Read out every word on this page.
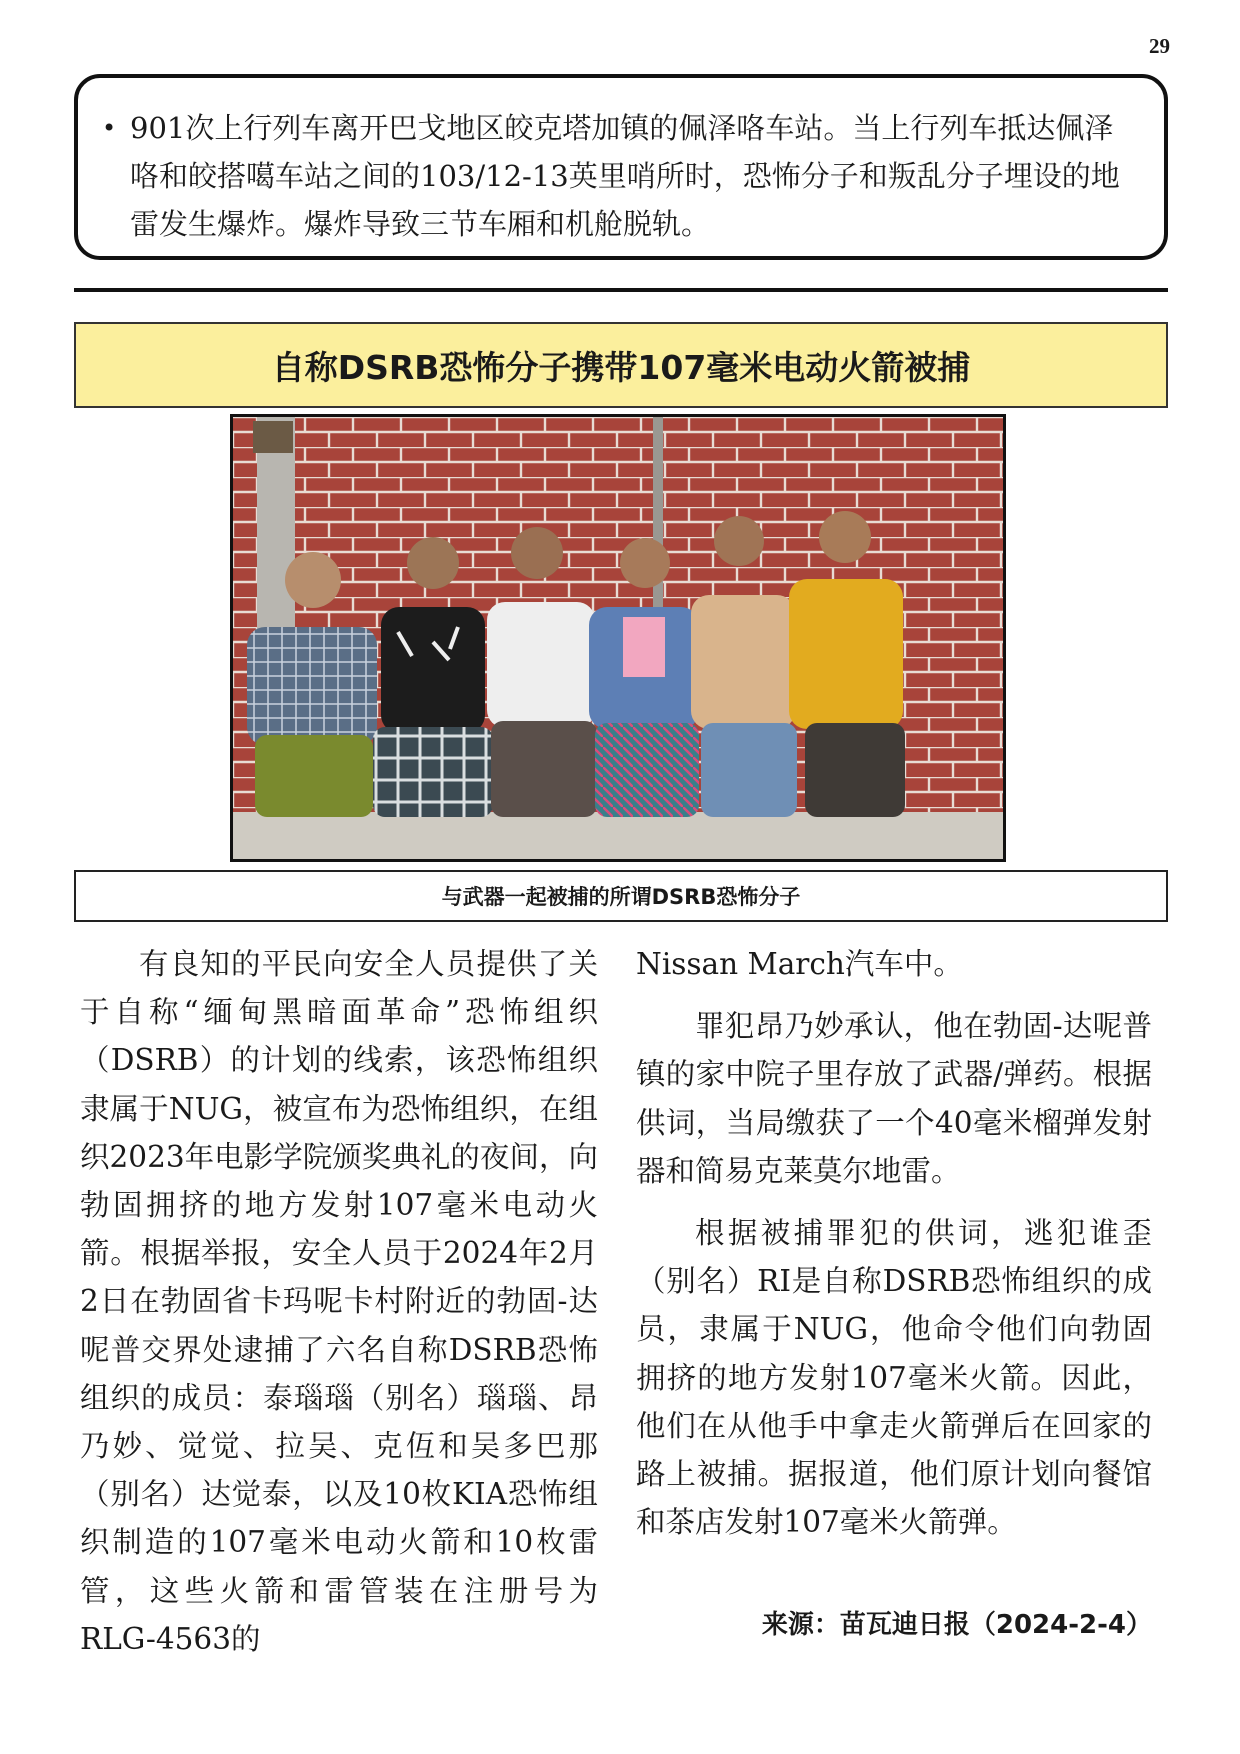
29
• 901次上行列车离开巴戈地区皎克塔加镇的佩泽咯车站。当上行列车抵达佩泽咯和皎搭噶车站之间的103/12-13英里哨所时，恐怖分子和叛乱分子埋设的地雷发生爆炸。爆炸导致三节车厢和机舱脱轨。
自称DSRB恐怖分子携带107毫米电动火箭被捕
与武器一起被捕的所谓DSRB恐怖分子

有良知的平民向安全人员提供了关于自称“缅甸黑暗面革命”恐怖组织（DSRB）的计划的线索，该恐怖组织隶属于NUG，被宣布为恐怖组织，在组织2023年电影学院颁奖典礼的夜间，向勃固拥挤的地方发射107毫米电动火箭。根据举报，安全人员于2024年2月2日在勃固省卡玛呢卡村附近的勃固-达呢普交界处逮捕了六名自称DSRB恐怖组织的成员：泰瑙瑙（别名）瑙瑙、昂乃妙、觉觉、拉吴、克仾和吴多巴那（别名）达觉泰，以及10枚KIA恐怖组织制造的107毫米电动火箭和10枚雷管，这些火箭和雷管装在注册号为RLG-4563的

Nissan March汽车中。

罪犯昂乃妙承认，他在勃固-达呢普镇的家中院子里存放了武器/弹药。根据供词，当局缴获了一个40毫米榴弹发射器和简易克莱莫尔地雷。

根据被捕罪犯的供词，逃犯谁歪（别名）RI是自称DSRB恐怖组织的成员，隶属于NUG，他命令他们向勃固拥挤的地方发射107毫米火箭。因此，他们在从他手中拿走火箭弹后在回家的路上被捕。据报道，他们原计划向餐馆和茶店发射107毫米火箭弹。

来源：苗瓦迪日报（2024-2-4）
